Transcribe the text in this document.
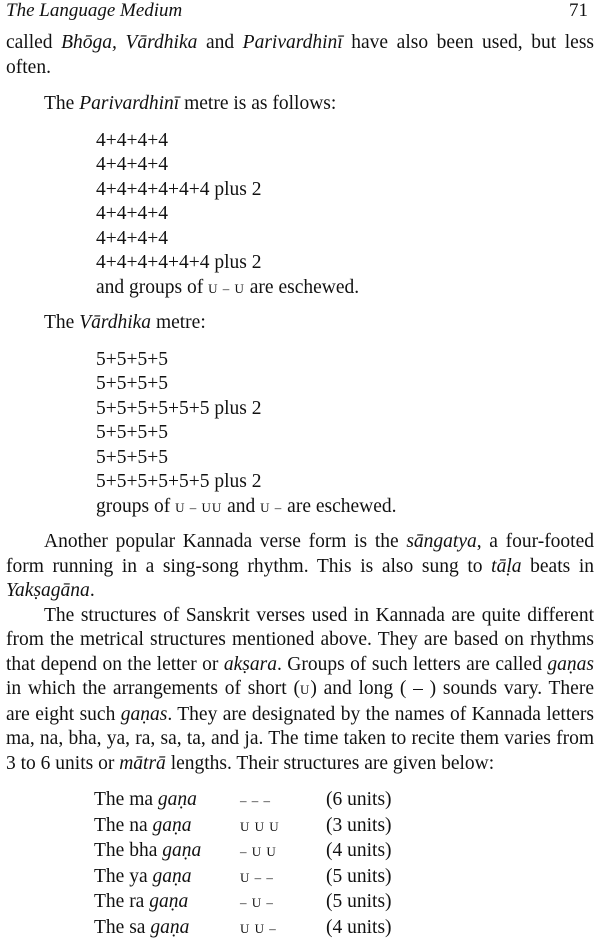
The Language Medium	71

called Bhōga, Vārdhika and Parivardhinī have also been used, but less often.

The Parivardhinī metre is as follows:

4+4+4+4
4+4+4+4
4+4+4+4+4+4 plus 2
4+4+4+4
4+4+4+4
4+4+4+4+4+4 plus 2
and groups of U – U are eschewed.

The Vārdhika metre:

5+5+5+5
5+5+5+5
5+5+5+5+5+5 plus 2
5+5+5+5
5+5+5+5
5+5+5+5+5+5 plus 2
groups of U – UU and U – are eschewed.

Another popular Kannada verse form is the sāngatya, a four-footed form running in a sing-song rhythm. This is also sung to tāḷa beats in Yakṣagāna.

The structures of Sanskrit verses used in Kannada are quite different from the metrical structures mentioned above. They are based on rhythms that depend on the letter or akṣara. Groups of such letters are called gaṇas in which the arrangements of short (U) and long ( – ) sounds vary. There are eight such gaṇas. They are designated by the names of Kannada letters ma, na, bha, ya, ra, sa, ta, and ja. The time taken to recite them varies from 3 to 6 units or mātrā lengths. Their structures are given below:

The ma gaṇa	– – –	(6 units)
The na gaṇa	U U U	(3 units)
The bha gaṇa	– U U	(4 units)
The ya gaṇa	U – –	(5 units)
The ra gaṇa	– U –	(5 units)
The sa gaṇa	U U –	(4 units)
